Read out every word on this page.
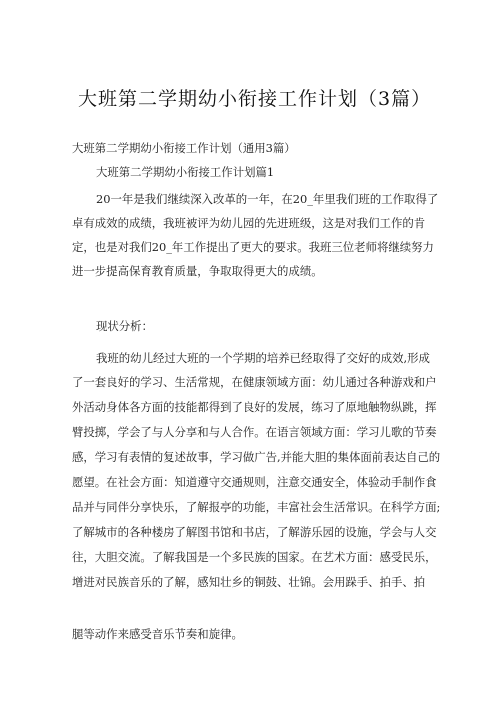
大班第二学期幼小衔接工作计划（3篇）
大班第二学期幼小衔接工作计划（通用3篇）
大班第二学期幼小衔接工作计划篇1
20一年是我们继续深入改革的一年，在20_年里我们班的工作取得了
卓有成效的成绩，我班被评为幼儿园的先进班级，这是对我们工作的肯
定，也是对我们20_年工作提出了更大的要求。我班三位老师将继续努力
进一步提高保育教育质量，争取取得更大的成绩。
现状分析：
我班的幼儿经过大班的一个学期的培养已经取得了交好的成效,形成
了一套良好的学习、生活常规，在健康领域方面：幼儿通过各种游戏和户
外活动身体各方面的技能都得到了良好的发展，练习了原地触物纵跳，挥
臂投掷，学会了与人分享和与人合作。在语言领域方面：学习儿歌的节奏
感，学习有表情的复述故事，学习做广告,并能大胆的集体面前表达自己的
愿望。在社会方面：知道遵守交通规则，注意交通安全，体验动手制作食
品并与同伴分享快乐，了解报亭的功能，丰富社会生活常识。在科学方面;
了解城市的各种楼房了解图书馆和书店，了解游乐园的设施，学会与人交
往，大胆交流。了解我国是一个多民族的国家。在艺术方面：感受民乐，
增进对民族音乐的了解，感知壮乡的铜鼓、壮锦。会用跺手、拍手、拍
腿等动作来感受音乐节奏和旋律。
